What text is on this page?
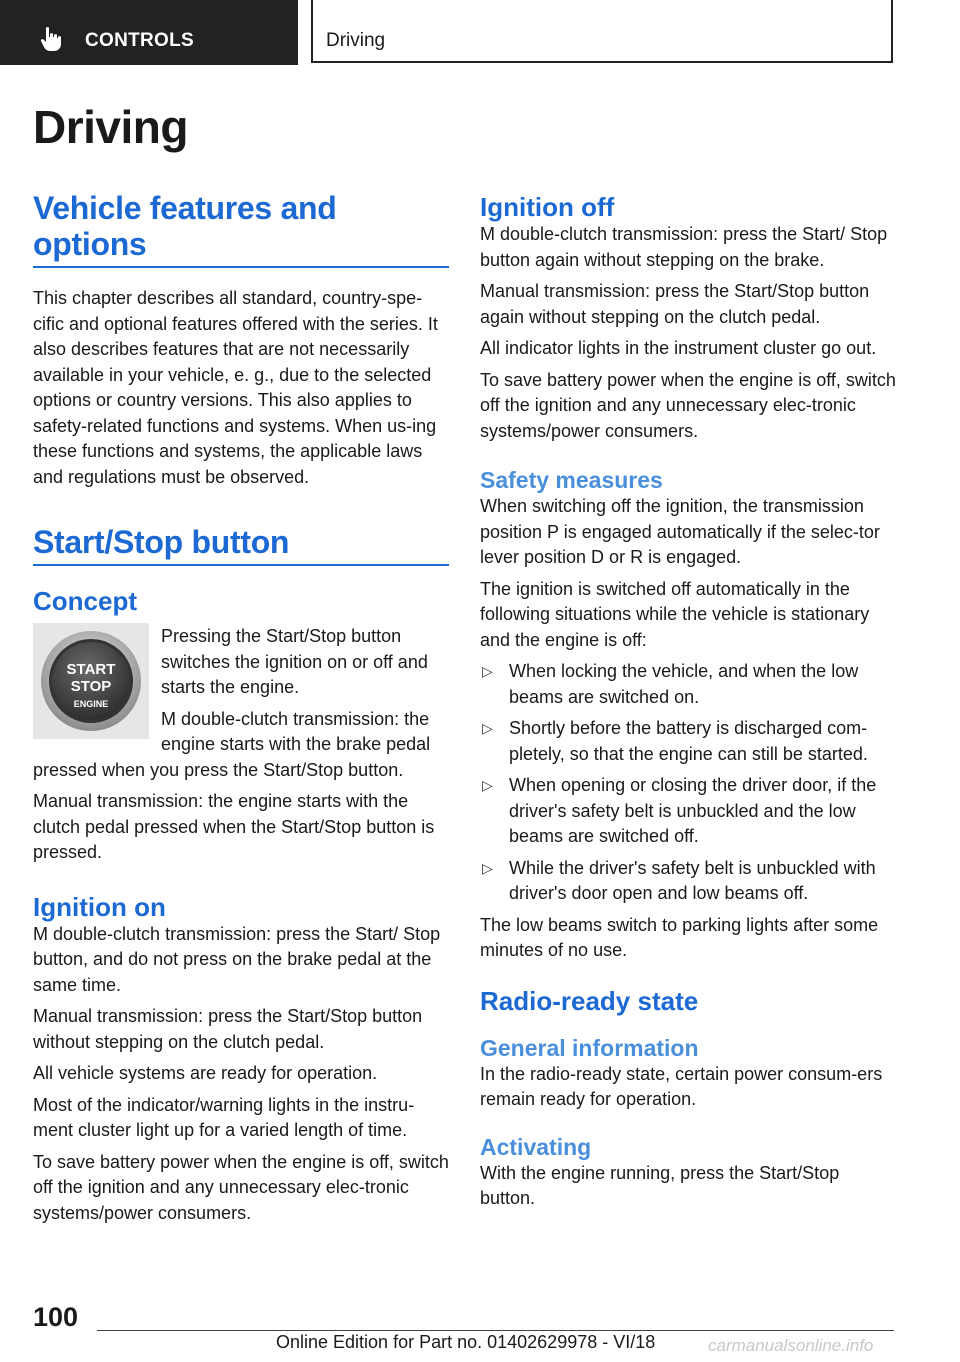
CONTROLS	Driving
Driving
Vehicle features and options

This chapter describes all standard, country-spe-cific and optional features offered with the series. It also describes features that are not necessarily available in your vehicle, e. g., due to the selected options or country versions. This also applies to safety-related functions and systems. When us-ing these functions and systems, the applicable laws and regulations must be observed.

Start/Stop button
Concept
START
STOP
ENGINE

Pressing the Start/Stop button switches the ignition on or off and starts the engine.

M double-clutch transmission: the engine starts with the brake pedal pressed when you press the Start/Stop button.

Manual transmission: the engine starts with the clutch pedal pressed when the Start/Stop button is pressed.

Ignition on

M double-clutch transmission: press the Start/ Stop button, and do not press on the brake pedal at the same time.

Manual transmission: press the Start/Stop button without stepping on the clutch pedal.

All vehicle systems are ready for operation.

Most of the indicator/warning lights in the instru-ment cluster light up for a varied length of time.

To save battery power when the engine is off, switch off the ignition and any unnecessary elec-tronic systems/power consumers.

Ignition off

M double-clutch transmission: press the Start/ Stop button again without stepping on the brake.

Manual transmission: press the Start/Stop button again without stepping on the clutch pedal.

All indicator lights in the instrument cluster go out.

To save battery power when the engine is off, switch off the ignition and any unnecessary elec-tronic systems/power consumers.

Safety measures

When switching off the ignition, the transmission position P is engaged automatically if the selec-tor lever position D or R is engaged.

The ignition is switched off automatically in the following situations while the vehicle is stationary and the engine is off:

▷ When locking the vehicle, and when the low beams are switched on.
▷ Shortly before the battery is discharged com-pletely, so that the engine can still be started.
▷ When opening or closing the driver door, if the driver's safety belt is unbuckled and the low beams are switched off.
▷ While the driver's safety belt is unbuckled with driver's door open and low beams off.

The low beams switch to parking lights after some minutes of no use.

Radio-ready state
General information

In the radio-ready state, certain power consum-ers remain ready for operation.

Activating

With the engine running, press the Start/Stop button.

100
Online Edition for Part no. 01402629978 - VI/18	carmanualsonline.info
